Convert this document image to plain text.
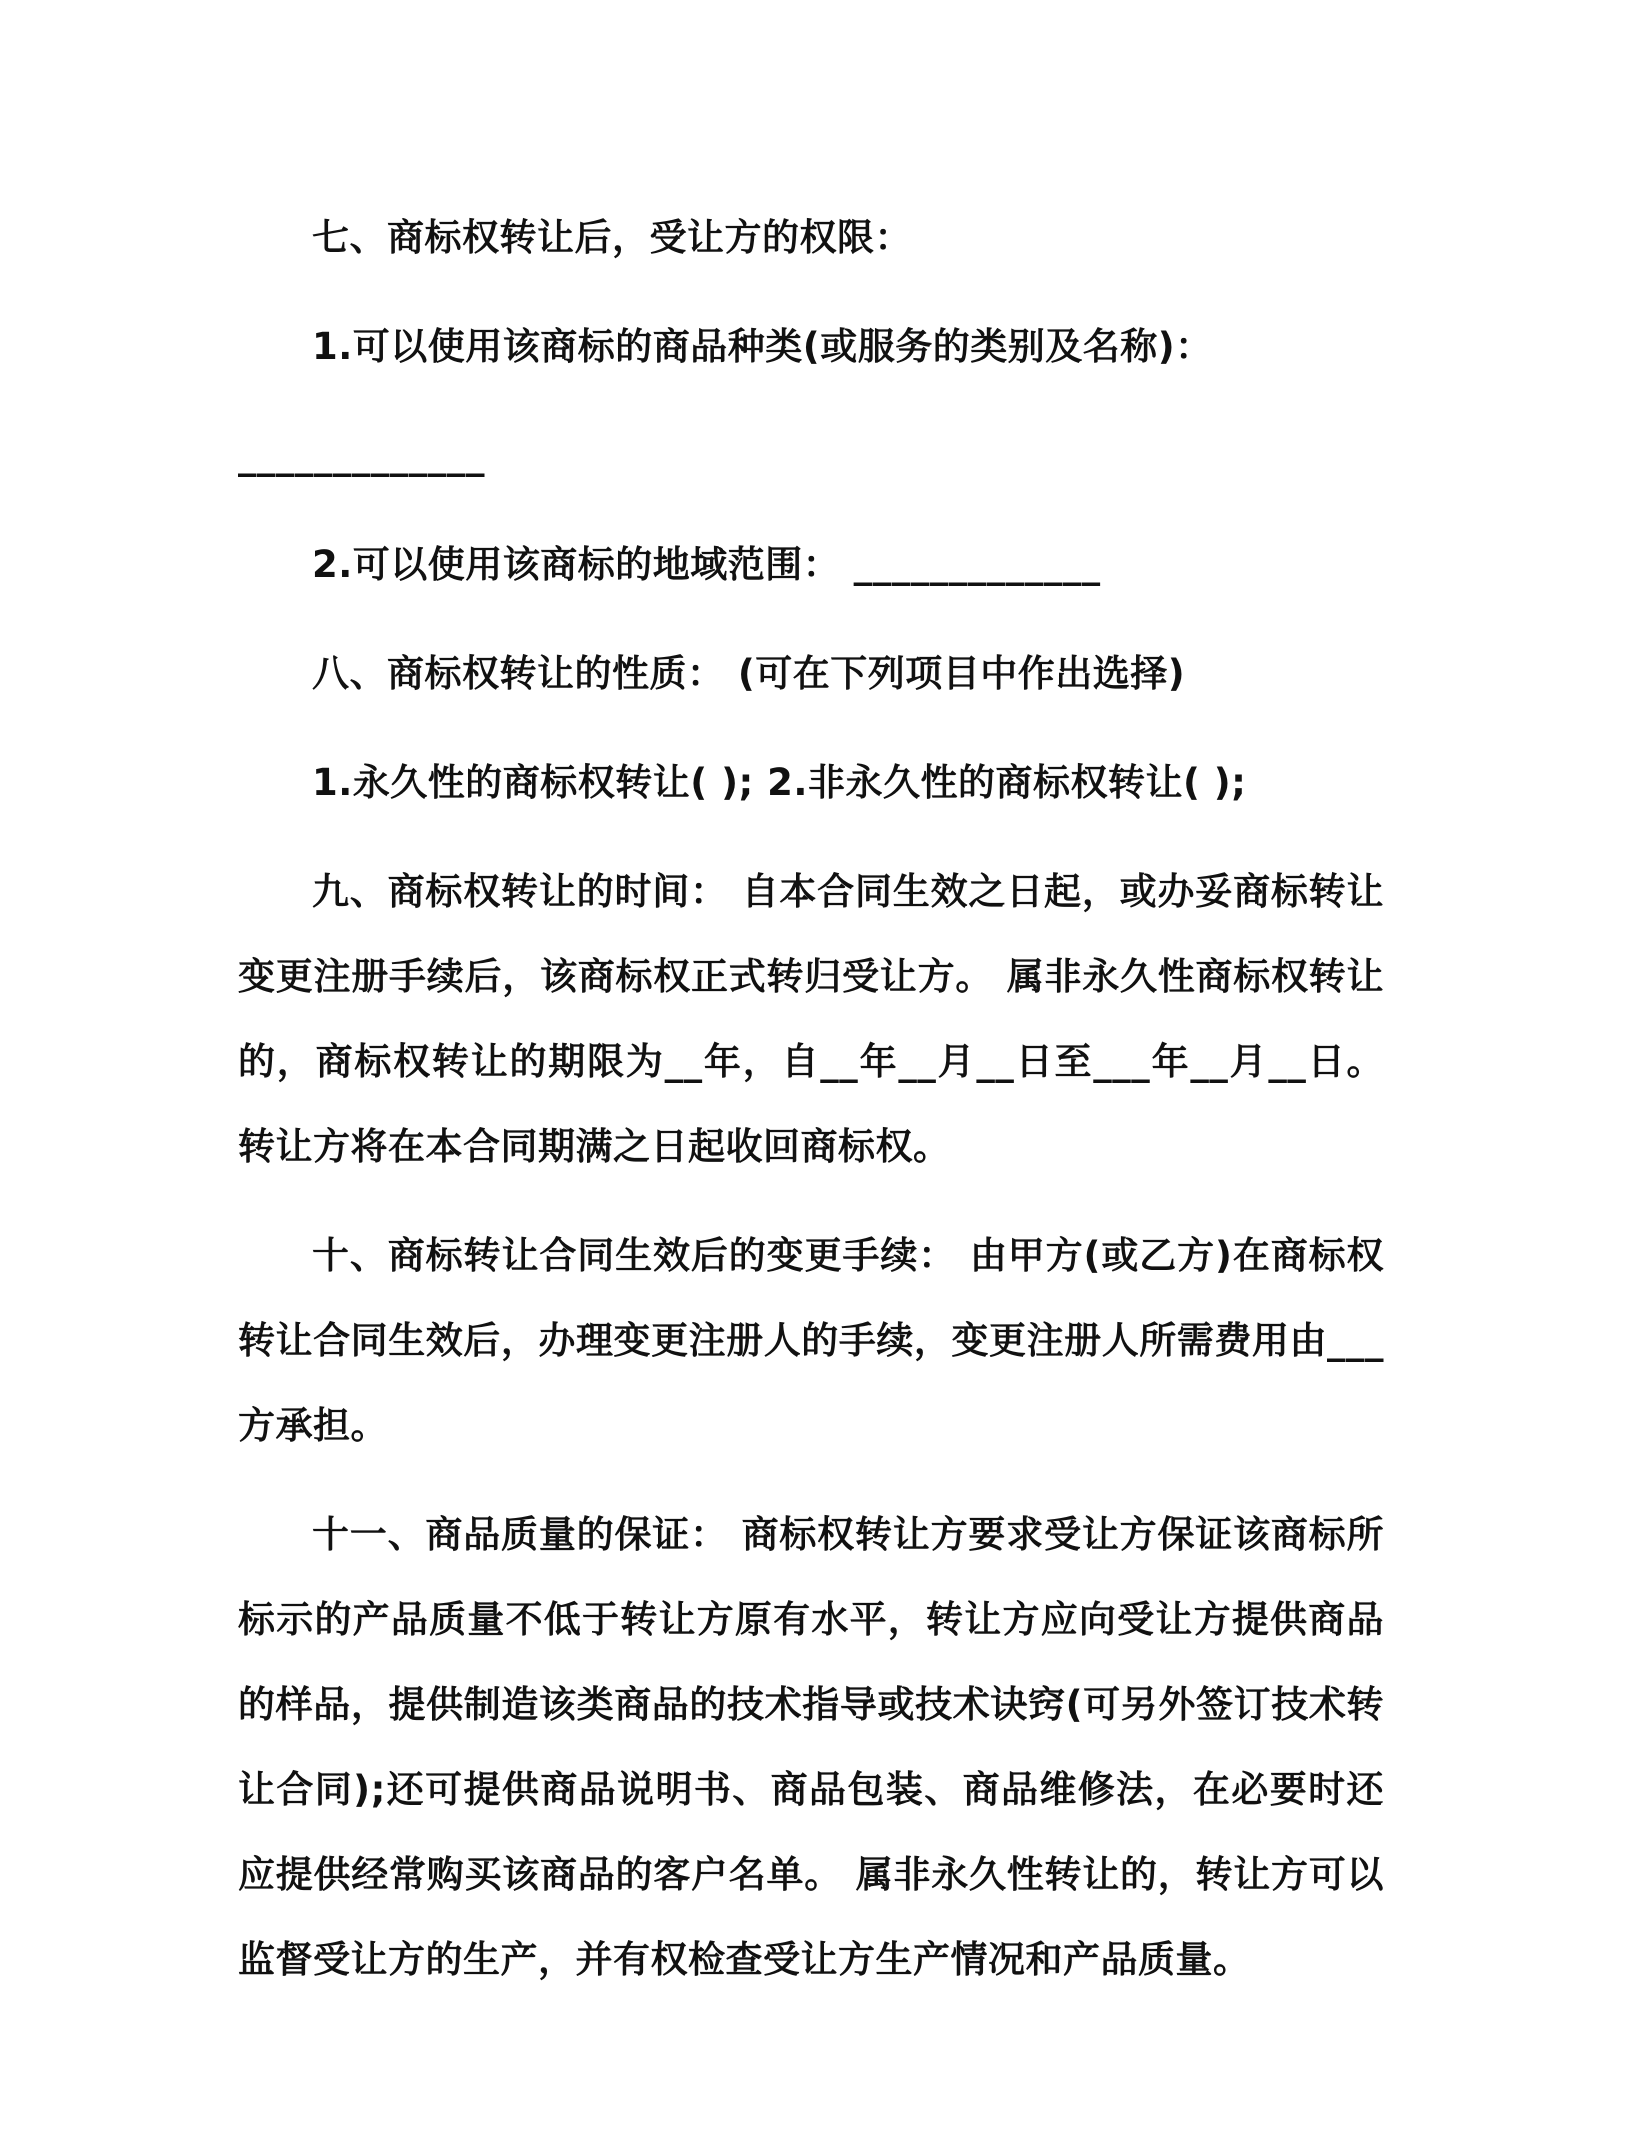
七、商标权转让后，受让方的权限：

1.可以使用该商标的商品种类(或服务的类别及名称)：

_____________

2.可以使用该商标的地域范围： _____________

八、商标权转让的性质： (可在下列项目中作出选择)

1.永久性的商标权转让( ); 2.非永久性的商标权转让( );

九、商标权转让的时间： 自本合同生效之日起，或办妥商标转让变更注册手续后，该商标权正式转归受让方。 属非永久性商标权转让的，商标权转让的期限为__年，自__年__月__日至___年__月__日。 转让方将在本合同期满之日起收回商标权。

十、商标转让合同生效后的变更手续： 由甲方(或乙方)在商标权转让合同生效后，办理变更注册人的手续，变更注册人所需费用由___方承担。

十一、商品质量的保证： 商标权转让方要求受让方保证该商标所标示的产品质量不低于转让方原有水平，转让方应向受让方提供商品的样品，提供制造该类商品的技术指导或技术诀窍(可另外签订技术转让合同);还可提供商品说明书、商品包装、商品维修法，在必要时还应提供经常购买该商品的客户名单。 属非永久性转让的，转让方可以监督受让方的生产，并有权检查受让方生产情况和产品质量。
